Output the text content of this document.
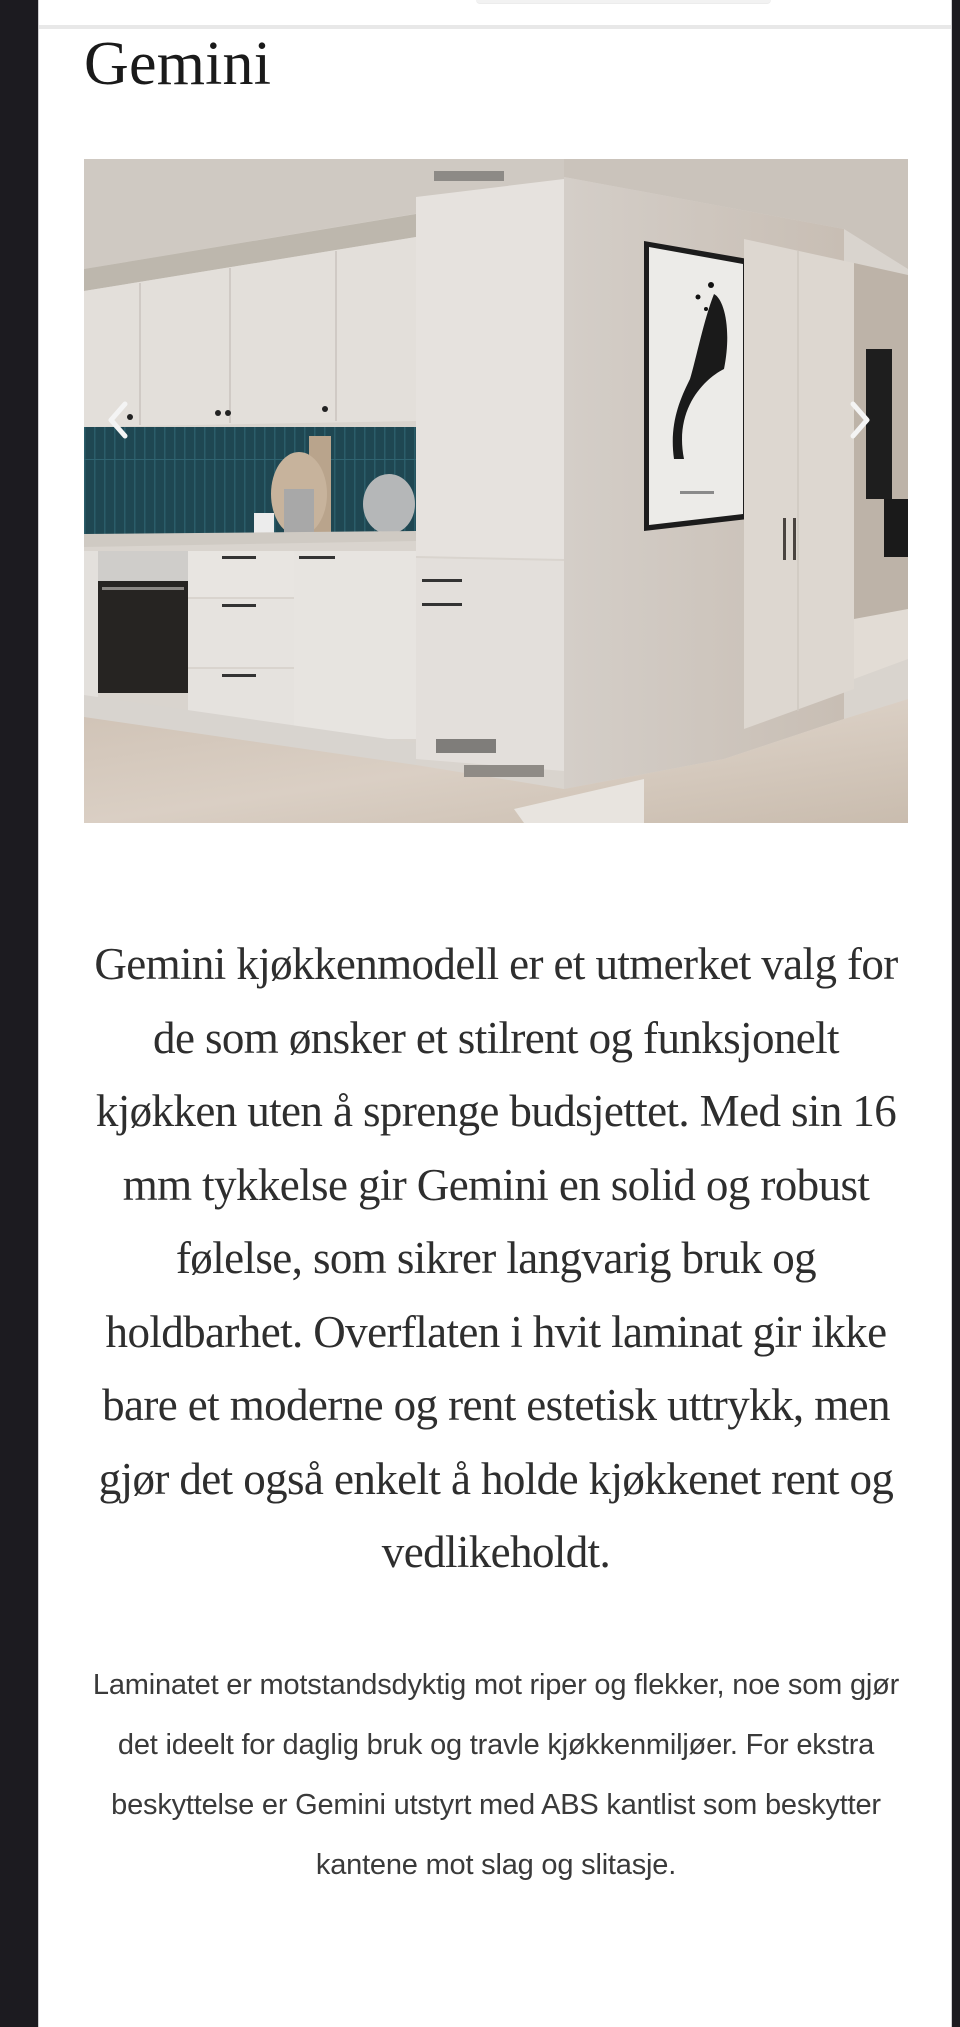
Gemini

Gemini kjøkkenmodell er et utmerket valg for de som ønsker et stilrent og funksjonelt kjøkken uten å sprenge budsjettet. Med sin 16 mm tykkelse gir Gemini en solid og robust følelse, som sikrer langvarig bruk og holdbarhet. Overflaten i hvit laminat gir ikke bare et moderne og rent estetisk uttrykk, men gjør det også enkelt å holde kjøkkenet rent og vedlikeholdt.

Laminatet er motstandsdyktig mot riper og flekker, noe som gjør det ideelt for daglig bruk og travle kjøkkenmiljøer. For ekstra beskyttelse er Gemini utstyrt med ABS kantlist som beskytter kantene mot slag og slitasje.
